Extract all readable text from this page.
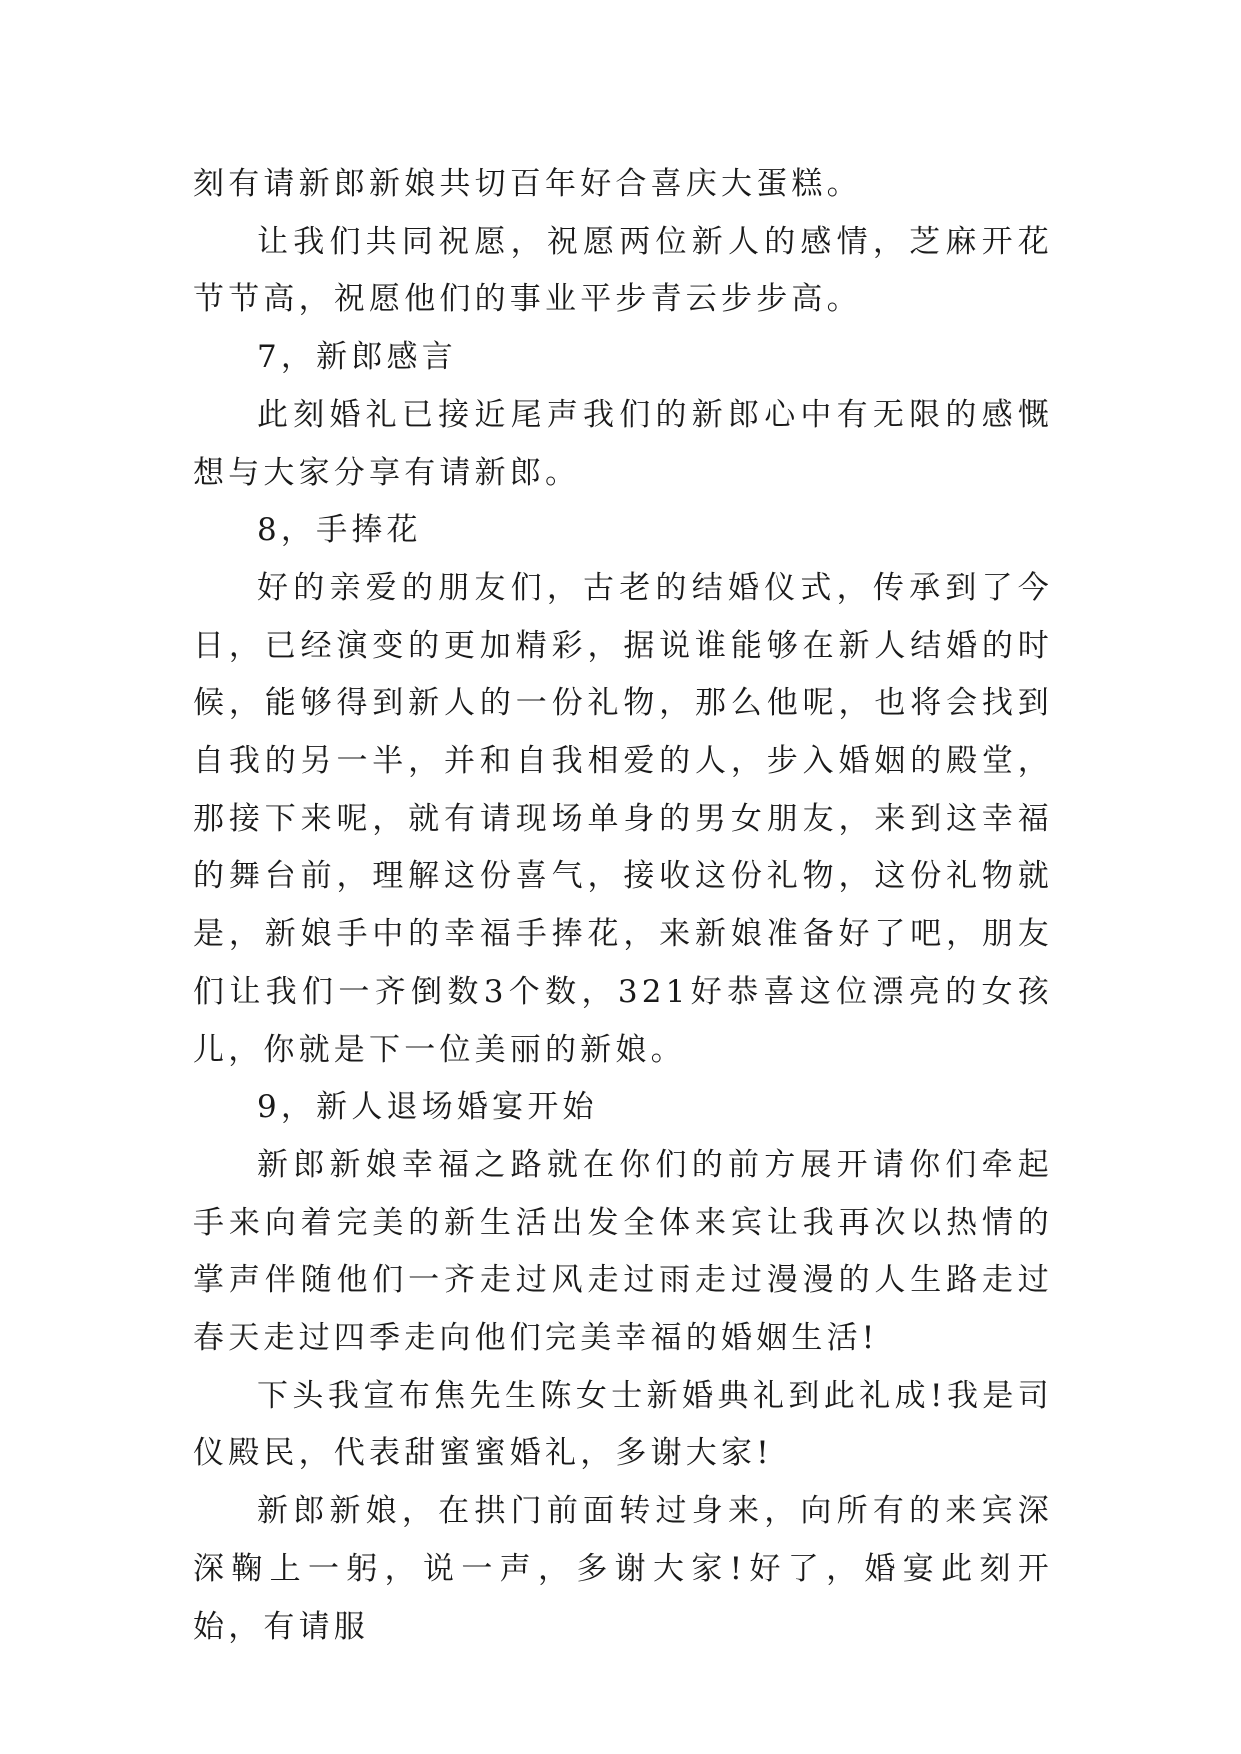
刻有请新郎新娘共切百年好合喜庆大蛋糕。

让我们共同祝愿，祝愿两位新人的感情，芝麻开花节节高，祝愿他们的事业平步青云步步高。

7，新郎感言

此刻婚礼已接近尾声我们的新郎心中有无限的感慨想与大家分享有请新郎。

8，手捧花

好的亲爱的朋友们，古老的结婚仪式，传承到了今日，已经演变的更加精彩，据说谁能够在新人结婚的时候，能够得到新人的一份礼物，那么他呢，也将会找到自我的另一半，并和自我相爱的人，步入婚姻的殿堂，那接下来呢，就有请现场单身的男女朋友，来到这幸福的舞台前，理解这份喜气，接收这份礼物，这份礼物就是，新娘手中的幸福手捧花，来新娘准备好了吧，朋友们让我们一齐倒数3个数，321好恭喜这位漂亮的女孩儿，你就是下一位美丽的新娘。

9，新人退场婚宴开始

新郎新娘幸福之路就在你们的前方展开请你们牵起手来向着完美的新生活出发全体来宾让我再次以热情的掌声伴随他们一齐走过风走过雨走过漫漫的人生路走过春天走过四季走向他们完美幸福的婚姻生活!

下头我宣布焦先生陈女士新婚典礼到此礼成!我是司仪殿民，代表甜蜜蜜婚礼，多谢大家!

新郎新娘，在拱门前面转过身来，向所有的来宾深深鞠上一躬，说一声，多谢大家!好了，婚宴此刻开始，有请服
